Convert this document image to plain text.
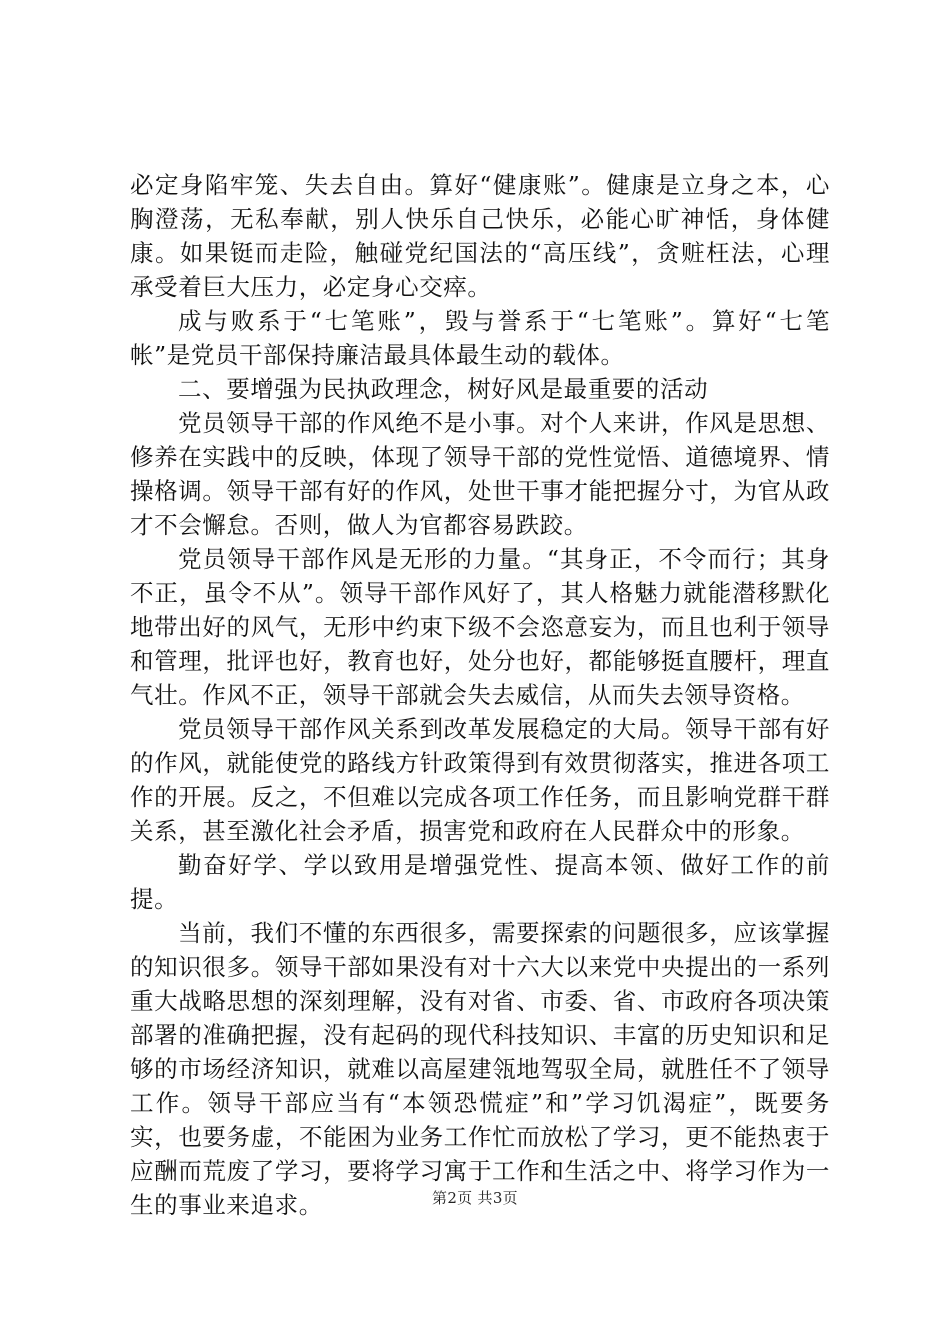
必定身陷牢笼、失去自由。算好“健康账”。健康是立身之本，心胸澄荡，无私奉献，别人快乐自己快乐，必能心旷神恬，身体健康。如果铤而走险，触碰党纪国法的“高压线”，贪赃枉法，心理承受着巨大压力，必定身心交瘁。

成与败系于“七笔账”，毁与誉系于“七笔账”。算好“七笔帐”是党员干部保持廉洁最具体最生动的载体。

二、要增强为民执政理念，树好风是最重要的活动

党员领导干部的作风绝不是小事。对个人来讲，作风是思想、修养在实践中的反映，体现了领导干部的党性觉悟、道德境界、情操格调。领导干部有好的作风，处世干事才能把握分寸，为官从政才不会懈怠。否则，做人为官都容易跌跤。

党员领导干部作风是无形的力量。“其身正，不令而行；其身不正，虽令不从”。领导干部作风好了，其人格魅力就能潜移默化地带出好的风气，无形中约束下级不会恣意妄为，而且也利于领导和管理，批评也好，教育也好，处分也好，都能够挺直腰杆，理直气壮。作风不正，领导干部就会失去威信，从而失去领导资格。

党员领导干部作风关系到改革发展稳定的大局。领导干部有好的作风，就能使党的路线方针政策得到有效贯彻落实，推进各项工作的开展。反之，不但难以完成各项工作任务，而且影响党群干群关系，甚至激化社会矛盾，损害党和政府在人民群众中的形象。

勤奋好学、学以致用是增强党性、提高本领、做好工作的前提。

当前，我们不懂的东西很多，需要探索的问题很多，应该掌握的知识很多。领导干部如果没有对十六大以来党中央提出的一系列重大战略思想的深刻理解，没有对省、市委、省、市政府各项决策部署的准确把握，没有起码的现代科技知识、丰富的历史知识和足够的市场经济知识，就难以高屋建瓴地驾驭全局，就胜任不了领导工作。领导干部应当有“本领恐慌症”和”学习饥渴症”，既要务实，也要务虚，不能困为业务工作忙而放松了学习，更不能热衷于应酬而荒废了学习，要将学习寓于工作和生活之中、将学习作为一生的事业来追求。	第2页 共3页
